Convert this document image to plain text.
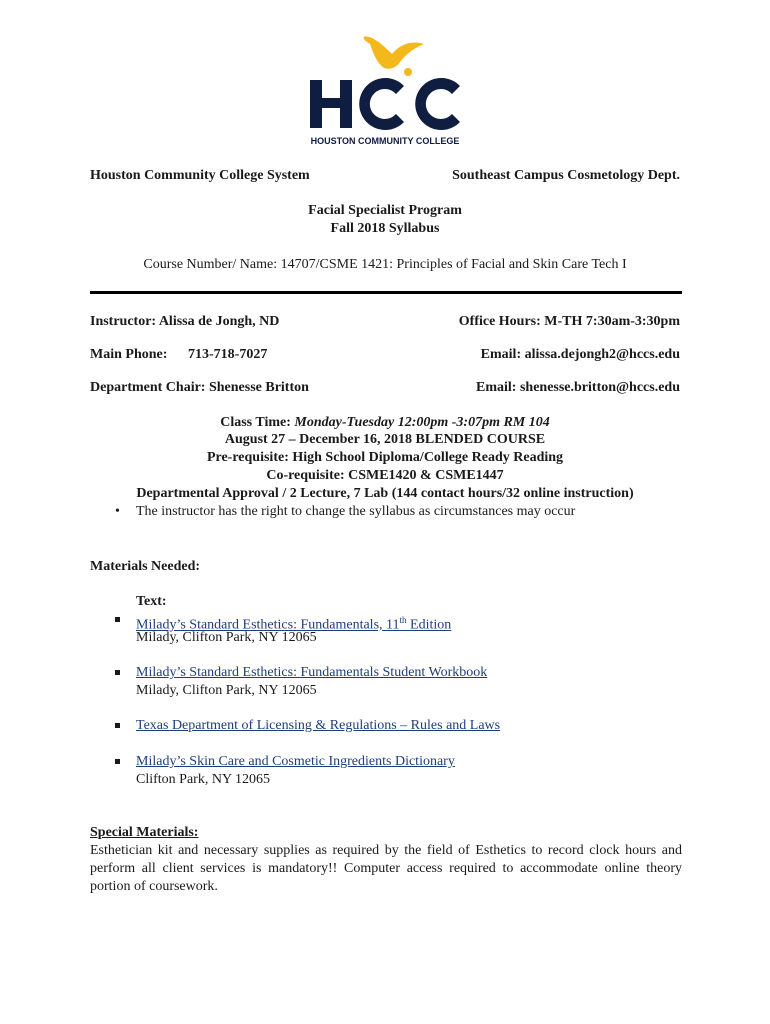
HOUSTON COMMUNITY COLLEGE
Houston Community College System	Southeast Campus Cosmetology Dept.
Facial Specialist Program
Fall 2018 Syllabus
Course Number/ Name: 14707/CSME 1421: Principles of Facial and Skin Care Tech I
Instructor: Alissa de Jongh, ND	Office Hours: M-TH 7:30am-3:30pm
Main Phone: 713-718-7027	Email: alissa.dejongh2@hccs.edu
Department Chair: Shenesse Britton	Email: shenesse.britton@hccs.edu
Class Time: Monday-Tuesday 12:00pm -3:07pm RM 104
August 27 – December 16, 2018 BLENDED COURSE
Pre-requisite: High School Diploma/College Ready Reading
Co-requisite: CSME1420 & CSME1447
Departmental Approval / 2 Lecture, 7 Lab (144 contact hours/32 online instruction)
• The instructor has the right to change the syllabus as circumstances may occur
Materials Needed:
Text:
Milady’s Standard Esthetics: Fundamentals, 11th Edition
Milady, Clifton Park, NY 12065
Milady’s Standard Esthetics: Fundamentals Student Workbook
Milady, Clifton Park, NY 12065
Texas Department of Licensing & Regulations – Rules and Laws
Milady’s Skin Care and Cosmetic Ingredients Dictionary
Clifton Park, NY 12065
Special Materials:
Esthetician kit and necessary supplies as required by the field of Esthetics to record clock hours and perform all client services is mandatory!! Computer access required to accommodate online theory portion of coursework.
